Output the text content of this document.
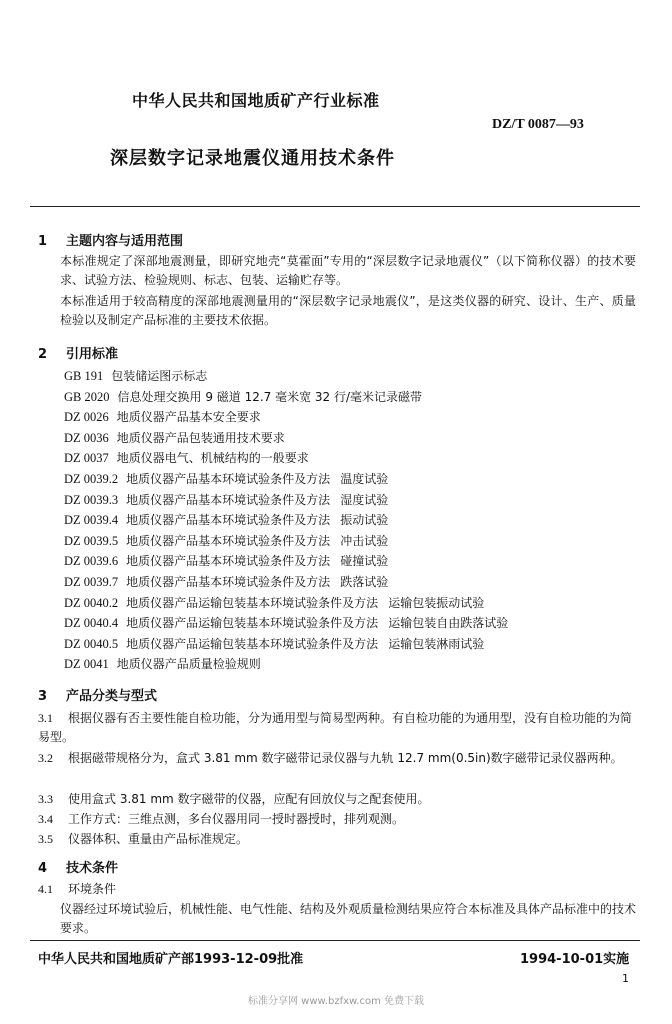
中华人民共和国地质矿产行业标准
DZ/T 0087—93
深层数字记录地震仪通用技术条件
1 主题内容与适用范围
本标准规定了深部地震测量，即研究地壳“莫霍面”专用的“深层数字记录地震仪”（以下简称仪器）的技术要求、试验方法、检验规则、标志、包装、运输贮存等。
本标准适用于较高精度的深部地震测量用的“深层数字记录地震仪”，是这类仪器的研究、设计、生产、质量检验以及制定产品标准的主要技术依据。
2 引用标准
GB 191 包装储运图示标志
GB 2020 信息处理交换用 9 磁道 12.7 毫米宽 32 行/毫米记录磁带
DZ 0026 地质仪器产品基本安全要求
DZ 0036 地质仪器产品包装通用技术要求
DZ 0037 地质仪器电气、机械结构的一般要求
DZ 0039.2 地质仪器产品基本环境试验条件及方法 温度试验
DZ 0039.3 地质仪器产品基本环境试验条件及方法 湿度试验
DZ 0039.4 地质仪器产品基本环境试验条件及方法 振动试验
DZ 0039.5 地质仪器产品基本环境试验条件及方法 冲击试验
DZ 0039.6 地质仪器产品基本环境试验条件及方法 碰撞试验
DZ 0039.7 地质仪器产品基本环境试验条件及方法 跌落试验
DZ 0040.2 地质仪器产品运输包装基本环境试验条件及方法 运输包装振动试验
DZ 0040.4 地质仪器产品运输包装基本环境试验条件及方法 运输包装自由跌落试验
DZ 0040.5 地质仪器产品运输包装基本环境试验条件及方法 运输包装淋雨试验
DZ 0041 地质仪器产品质量检验规则
3 产品分类与型式
3.1 根据仪器有否主要性能自检功能，分为通用型与简易型两种。有自检功能的为通用型，没有自检功能的为简易型。
3.2 根据磁带规格分为，盒式 3.81 mm 数字磁带记录仪器与九轨 12.7 mm(0.5in)数字磁带记录仪器两种。
3.3 使用盒式 3.81 mm 数字磁带的仪器，应配有回放仪与之配套使用。
3.4 工作方式：三维点测，多台仪器用同一授时器授时，排列观测。
3.5 仪器体积、重量由产品标准规定。
4 技术条件
4.1 环境条件
仪器经过环境试验后，机械性能、电气性能、结构及外观质量检测结果应符合本标准及具体产品标准中的技术要求。
中华人民共和国地质矿产部1993-12-09批准	1994-10-01实施
1
标准分享网 www.bzfxw.com 免费下载
